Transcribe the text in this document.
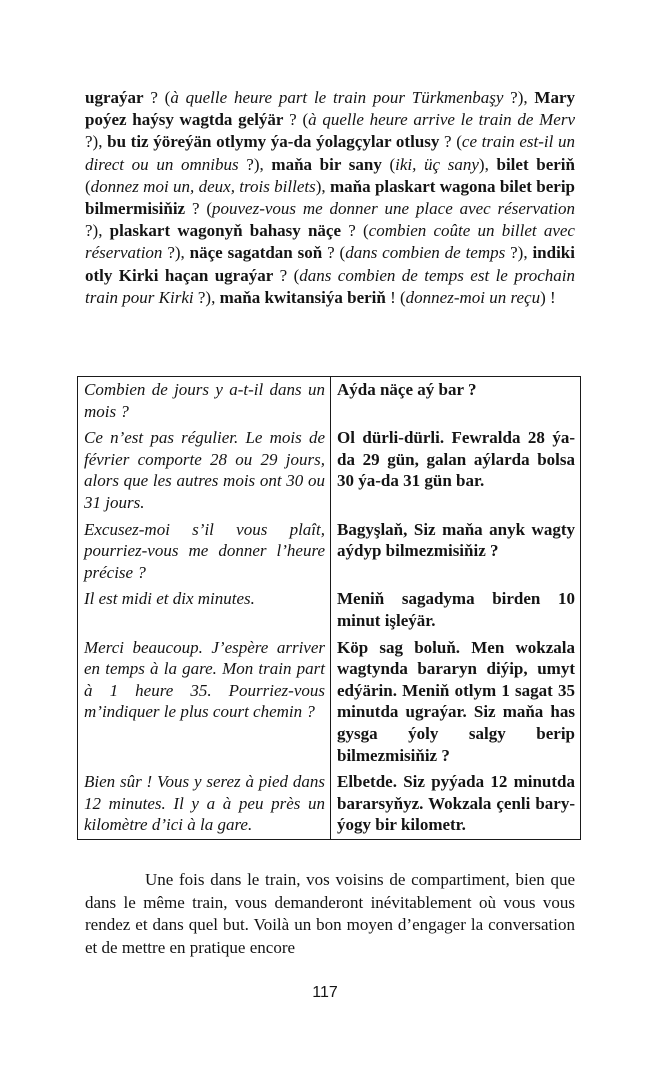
ugraýar ? (à quelle heure part le train pour Türkmenbaşy ?), Mary poýez haýsy wagtda gelýär ? (à quelle heure arrive le train de Merv ?), bu tiz ýöreýän otlymy ýa-da ýolagçylar otlusy ? (ce train est-il un direct ou un omnibus ?), maňa bir sany (iki, üç sany), bilet beriň (donnez moi un, deux, trois billets), maňa plaskart wagona bilet berip bilmermisiňiz ? (pouvez-vous me donner une place avec réservation ?), plaskart wagonyň bahasy näçe ? (combien coûte un billet avec réservation ?), näçe sagatdan soň ? (dans combien de temps ?), indiki otly Kirki haçan ugraýar ? (dans combien de temps est le prochain train pour Kirki ?), maňa kwitansiýa beriň ! (donnez-moi un reçu) !

Combien de jours y a-t-il dans un mois ?	Aýda näçe aý bar ?
Ce n’est pas régulier. Le mois de février comporte 28 ou 29 jours, alors que les autres mois ont 30 ou 31 jours.	Ol dürli-dürli. Fewralda 28 ýa-da 29 gün, galan aýlarda bolsa 30 ýa-da 31 gün bar.
Excusez-moi s’il vous plaît, pourriez-vous me donner l’heure précise ?	Bagyşlaň, Siz maňa anyk wagty aýdyp bilmezmisiňiz ?
Il est midi et dix minutes.	Meniň sagadyma birden 10 minut işleýär.
Merci beaucoup. J’espère arriver en temps à la gare. Mon train part à 1 heure 35. Pourriez-vous m’indiquer le plus court chemin ?	Köp sag boluň. Men wokzala wagtynda bararyn diýip, umyt edýärin. Meniň otlym 1 sagat 35 minutda ugraýar. Siz maňa has gysga ýoly salgy berip bilmezmisiňiz ?
Bien sûr ! Vous y serez à pied dans 12 minutes. Il y a à peu près un kilomètre d’ici à la gare.	Elbetde. Siz pyýada 12 minutda bararsyňyz. Wokzala çenli bary-ýogy bir kilometr.

Une fois dans le train, vos voisins de compartiment, bien que dans le même train, vous demanderont inévitablement où vous vous rendez et dans quel but. Voilà un bon moyen d’engager la conversation et de mettre en pratique encore

117
